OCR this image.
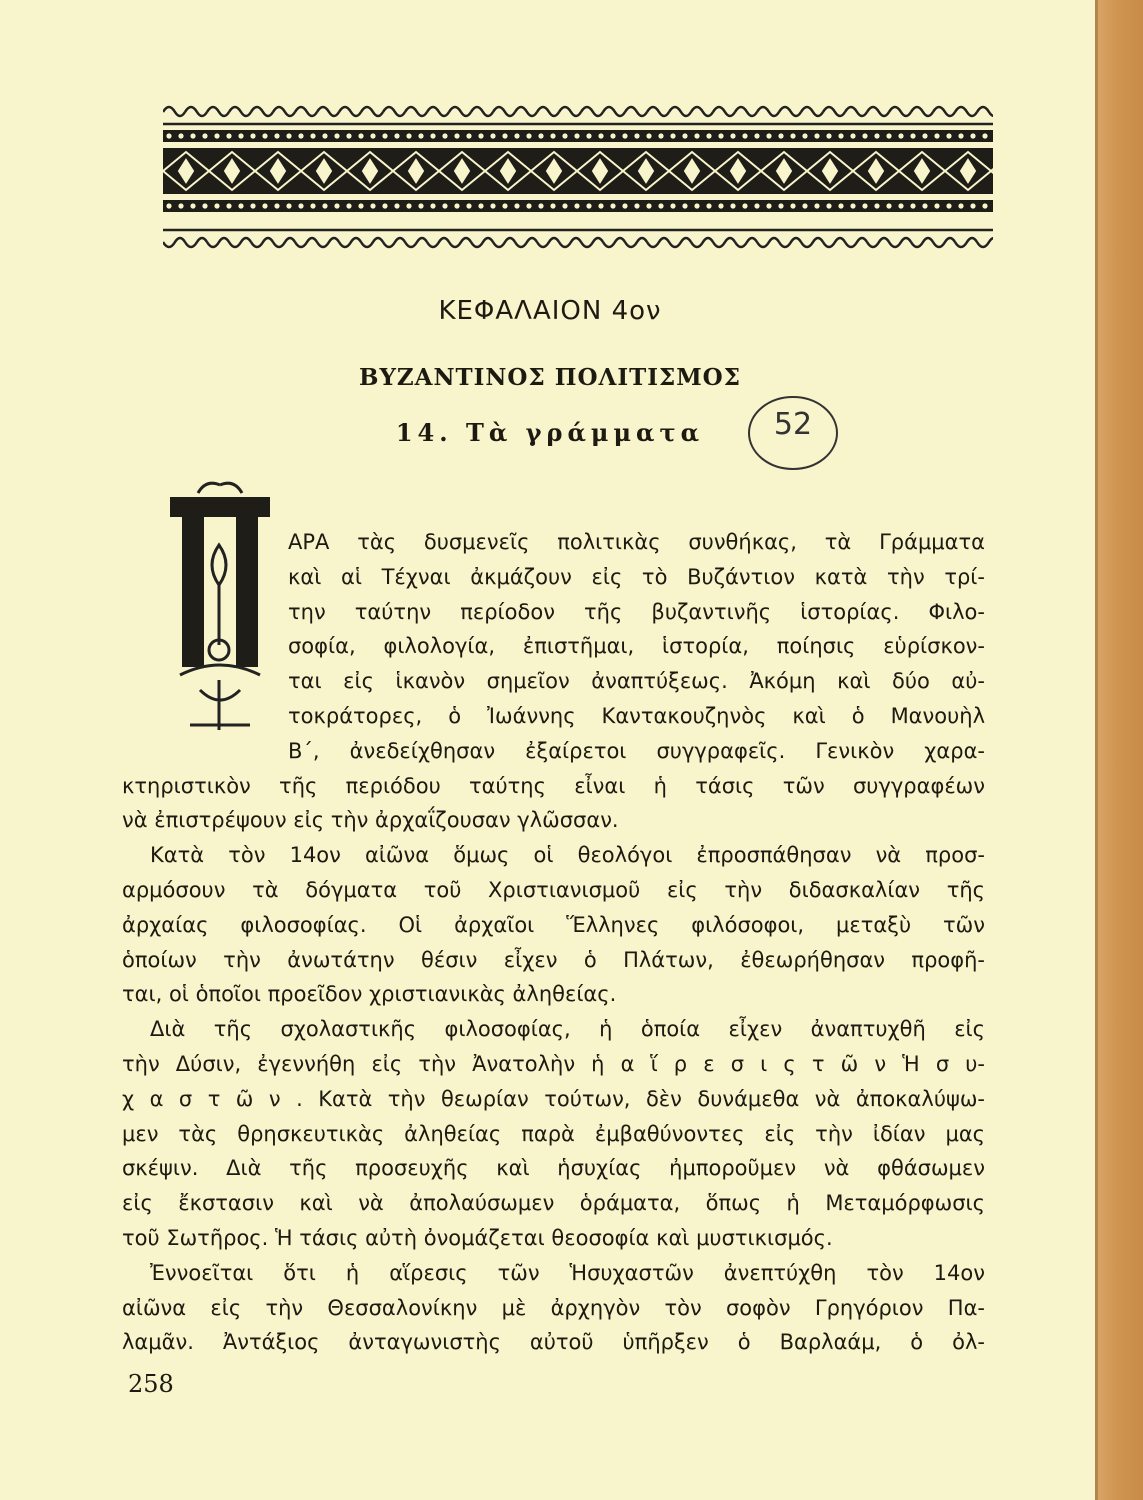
ΚΕΦΑΛΑΙΟΝ 4ον
ΒΥΖΑΝΤΙΝΟΣ ΠΟΛΙΤΙΣΜΟΣ
14. Τὰ γράμματα	52
ΑΡΑ τὰς δυσμενεῖς πολιτικὰς συνθήκας, τὰ Γράμματα
καὶ αἱ Τέχναι ἀκμάζουν εἰς τὸ Βυζάντιον κατὰ τὴν τρί-
την ταύτην περίοδον τῆς βυζαντινῆς ἱστορίας. Φιλο-
σοφία, φιλολογία, ἐπιστῆμαι, ἱστορία, ποίησις εὑρίσκον-
ται εἰς ἱκανὸν σημεῖον ἀναπτύξεως. Ἀκόμη καὶ δύο αὐ-
τοκράτορες, ὁ Ἰωάννης Καντακουζηνὸς καὶ ὁ Μανουὴλ
Β΄, ἀνεδείχθησαν ἐξαίρετοι συγγραφεῖς. Γενικὸν χαρα-
κτηριστικὸν τῆς περιόδου ταύτης εἶναι ἡ τάσις τῶν συγγραφέων
νὰ ἐπιστρέψουν εἰς τὴν ἀρχαΐζουσαν γλῶσσαν.
Κατὰ τὸν 14ον αἰῶνα ὅμως οἱ θεολόγοι ἐπροσπάθησαν νὰ προσ-
αρμόσουν τὰ δόγματα τοῦ Χριστιανισμοῦ εἰς τὴν διδασκαλίαν τῆς
ἀρχαίας φιλοσοφίας. Οἱ ἀρχαῖοι Ἕλληνες φιλόσοφοι, μεταξὺ τῶν
ὁποίων τὴν ἀνωτάτην θέσιν εἶχεν ὁ Πλάτων, ἐθεωρήθησαν προφῆ-
ται, οἱ ὁποῖοι προεῖδον χριστιανικὰς ἀληθείας.
Διὰ τῆς σχολαστικῆς φιλοσοφίας, ἡ ὁποία εἶχεν ἀναπτυχθῆ εἰς
τὴν Δύσιν, ἐγεννήθη εἰς τὴν Ἀνατολὴν ἡ α ἵ ρ ε σ ι ς τ ῶ ν Ἡ σ υ-
χ α σ τ ῶ ν . Κατὰ τὴν θεωρίαν τούτων, δὲν δυνάμεθα νὰ ἀποκαλύψω-
μεν τὰς θρησκευτικὰς ἀληθείας παρὰ ἐμβαθύνοντες εἰς τὴν ἰδίαν μας
σκέψιν. Διὰ τῆς προσευχῆς καὶ ἡσυχίας ἠμποροῦμεν νὰ φθάσωμεν
εἰς ἔκστασιν καὶ νὰ ἀπολαύσωμεν ὁράματα, ὅπως ἡ Μεταμόρφωσις
τοῦ Σωτῆρος. Ἡ τάσις αὐτὴ ὀνομάζεται θεοσοφία καὶ μυστικισμός.
Ἐννοεῖται ὅτι ἡ αἵρεσις τῶν Ἡσυχαστῶν ἀνεπτύχθη τὸν 14ον
αἰῶνα εἰς τὴν Θεσσαλονίκην μὲ ἀρχηγὸν τὸν σοφὸν Γρηγόριον Πα-
λαμᾶν. Ἀντάξιος ἀνταγωνιστὴς αὐτοῦ ὑπῆρξεν ὁ Βαρλαάμ, ὁ ὀλ-
258
